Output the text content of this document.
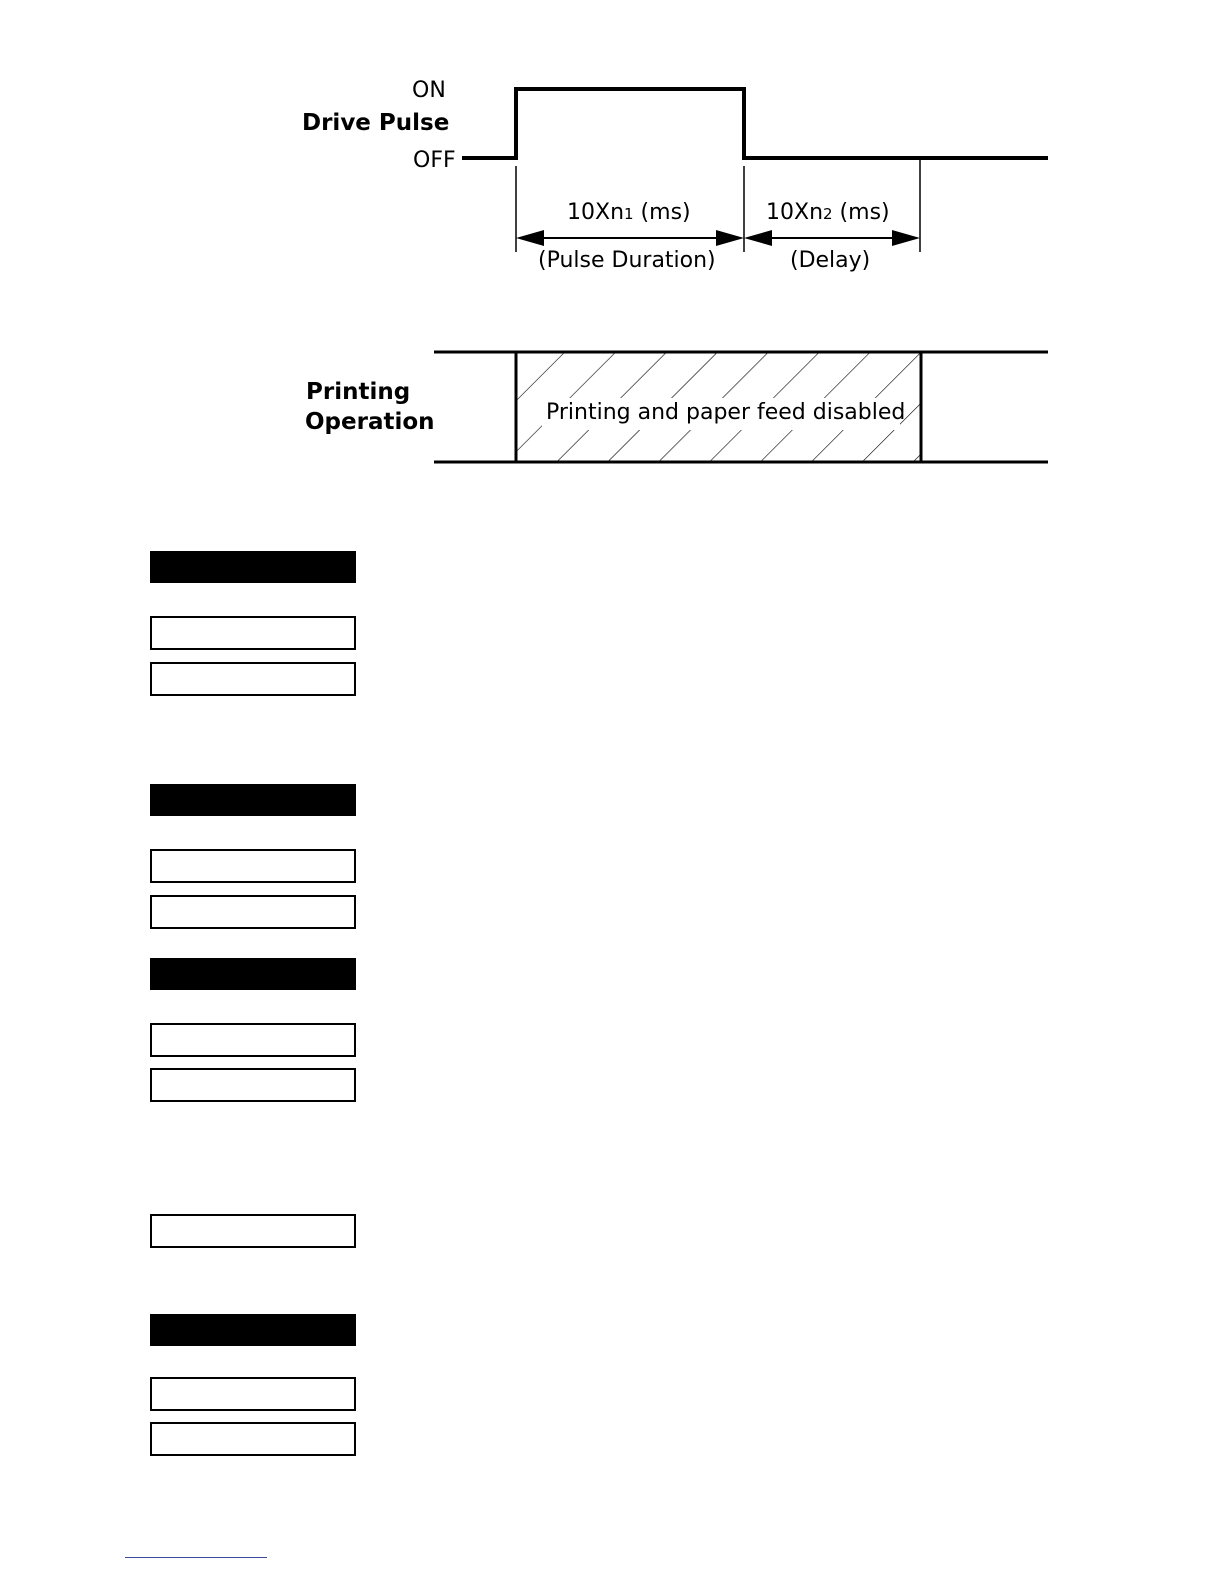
ON
Drive Pulse
OFF
10Xn1 (ms)	10Xn2 (ms)
(Pulse Duration)	(Delay)
Printing
Operation	Printing and paper feed disabled
